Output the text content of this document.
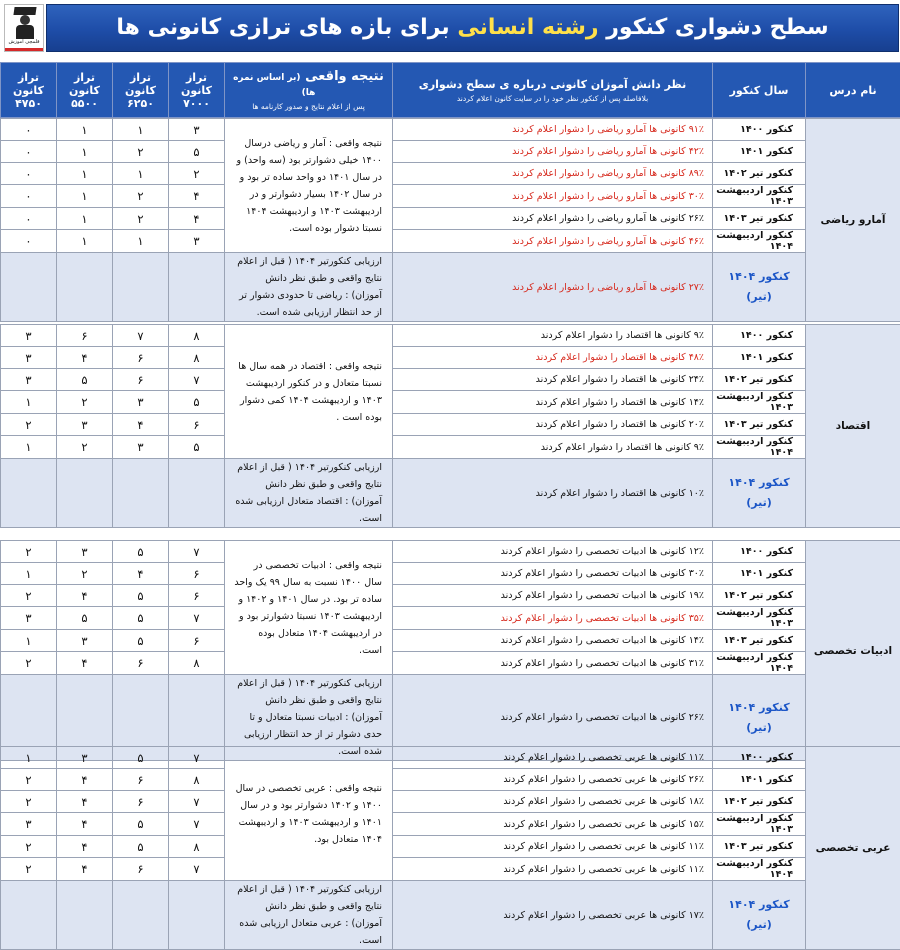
قلمچی آموزش
سطح دشواری کنکور رشته انسانی برای بازه های ترازی کانونی ها
تراز کانون ۴۷۵۰

تراز کانون ۵۵۰۰

تراز کانون ۶۲۵۰

تراز کانون ۷۰۰۰

نتیجه واقعی (بر اساس نمره ها)
پس از اعلام نتایج و صدور کارنامه ها

نظر دانش آموزان کانونی درباره ی سطح دشواری
بلافاصله پس از کنکور نظر خود را در سایت کانون اعلام کردند

سال کنکور	نام درس
۰	۱	۱	۳	نتیجه واقعی : آمار و ریاضی درسال ۱۴۰۰ خیلی دشوارتر بود (سه واحد) و در سال ۱۴۰۱ دو واحد ساده تر بود و در سال ۱۴۰۲ بسیار دشوارتر و در اردیبهشت ۱۴۰۳ و اردیبهشت ۱۴۰۴ نسبتا دشوار بوده است.	۹۱٪ کانونی ها آمارو ریاضی را دشوار اعلام کردند	کنکور ۱۴۰۰	آمارو ریاضی
۰	۱	۲	۵		۴۲٪ کانونی ها آمارو ریاضی را دشوار اعلام کردند	کنکور ۱۴۰۱	
۰	۱	۱	۲		۸۹٪ کانونی ها آمارو ریاضی را دشوار اعلام کردند	کنکور تیر ۱۴۰۲	
۰	۱	۲	۴		۳۰٪ کانونی ها آمارو ریاضی را دشوار اعلام کردند	کنکور اردیبهشت ۱۴۰۳	
۰	۱	۲	۴		۲۶٪ کانونی ها آمارو ریاضی را دشوار اعلام کردند	کنکور تیر ۱۴۰۳	
۰	۱	۱	۳		۴۶٪ کانونی ها آمارو ریاضی را دشوار اعلام کردند	کنکور اردیبهشت ۱۴۰۴	
				ارزیابی کنکورتیر ۱۴۰۴ ( قبل از اعلام نتایج واقعی و طبق نظر دانش آموزان) : ریاضی تا حدودی دشوار تر از حد انتظار ارزیابی شده است.	۲۷٪ کانونی ها آمارو ریاضی را دشوار اعلام کردند	کنکور ۱۴۰۴
(تیر)	
۳	۶	۷	۸	نتیجه واقعی : اقتصاد در همه سال ها نسبتا متعادل و در کنکور اردیبهشت ۱۴۰۳ و اردیبهشت ۱۴۰۴ کمی دشوار بوده است .	۹٪ کانونی ها اقتصاد را دشوار اعلام کردند	کنکور ۱۴۰۰	اقتصاد
۳	۴	۶	۸		۴۸٪ کانونی ها اقتصاد را دشوار اعلام کردند	کنکور ۱۴۰۱	
۳	۵	۶	۷		۲۴٪ کانونی ها اقتصاد را دشوار اعلام کردند	کنکور تیر ۱۴۰۲	
۱	۲	۳	۵		۱۴٪ کانونی ها اقتصاد را دشوار اعلام کردند	کنکور اردیبهشت ۱۴۰۳	
۲	۳	۴	۶		۲۰٪ کانونی ها اقتصاد را دشوار اعلام کردند	کنکور تیر ۱۴۰۳	
۱	۲	۳	۵		۹٪ کانونی ها اقتصاد را دشوار اعلام کردند	کنکور اردیبهشت ۱۴۰۴	
				ارزیابی کنکورتیر ۱۴۰۴ ( قبل از اعلام نتایج واقعی و طبق نظر دانش آموزان) : اقتصاد متعادل ارزیابی شده است.	۱۰٪ کانونی ها اقتصاد را دشوار اعلام کردند	کنکور ۱۴۰۴
(تیر)	
۲	۳	۵	۷	نتیجه واقعی : ادبیات تخصصی در سال ۱۴۰۰ نسبت به سال ۹۹ یک واحد ساده تر بود. در سال ۱۴۰۱ و ۱۴۰۲ و اردیبهشت ۱۴۰۳ نسبتا دشوارتر بود و در اردیبهشت ۱۴۰۴ متعادل بوده است.	۱۲٪ کانونی ها ادبیات تخصصی را دشوار اعلام کردند	کنکور ۱۴۰۰	ادبیات تخصصی
۱	۲	۴	۶		۳۰٪ کانونی ها ادبیات تخصصی را دشوار اعلام کردند	کنکور ۱۴۰۱	
۲	۴	۵	۶		۱۹٪ کانونی ها ادبیات تخصصی را دشوار اعلام کردند	کنکور تیر ۱۴۰۲	
۳	۵	۵	۷		۳۵٪ کانونی ها ادبیات تخصصی را دشوار اعلام کردند	کنکور اردیبهشت ۱۴۰۳	
۱	۳	۵	۶		۱۴٪ کانونی ها ادبیات تخصصی را دشوار اعلام کردند	کنکور تیر ۱۴۰۳	
۲	۴	۶	۸		۳۱٪ کانونی ها ادبیات تخصصی را دشوار اعلام کردند	کنکور اردیبهشت ۱۴۰۴	
				ارزیابی کنکورتیر ۱۴۰۴ ( قبل از اعلام نتایج واقعی و طبق نظر دانش آموزان) : ادبیات نسبتا متعادل و تا حدی دشوار تر از حد انتظار ارزیابی شده است.	۲۶٪ کانونی ها ادبیات تخصصی را دشوار اعلام کردند	کنکور ۱۴۰۴
(تیر)	
۱	۳	۵	۷	نتیجه واقعی : عربی تخصصی در سال ۱۴۰۰ و ۱۴۰۲ دشوارتر بود و در سال ۱۴۰۱ و اردیبهشت ۱۴۰۳ و اردیبهشت ۱۴۰۴ متعادل بود.	۱۱٪ کانونی ها عربی تخصصی را دشوار اعلام کردند	کنکور ۱۴۰۰	عربی تخصصی
۲	۴	۶	۸		۲۶٪ کانونی ها عربی تخصصی را دشوار اعلام کردند	کنکور ۱۴۰۱	
۲	۴	۶	۷		۱۸٪ کانونی ها عربی تخصصی را دشوار اعلام کردند	کنکور تیر ۱۴۰۲	
۳	۴	۵	۷		۱۵٪ کانونی ها عربی تخصصی را دشوار اعلام کردند	کنکور اردیبهشت ۱۴۰۳	
۲	۴	۵	۸		۱۱٪ کانونی ها عربی تخصصی را دشوار اعلام کردند	کنکور تیر ۱۴۰۳	
۲	۴	۶	۷		۱۱٪ کانونی ها عربی تخصصی را دشوار اعلام کردند	کنکور اردیبهشت ۱۴۰۴	
				ارزیابی کنکورتیر ۱۴۰۴ ( قبل از اعلام نتایج واقعی و طبق نظر دانش آموزان) : عربی متعادل ارزیابی شده است.	۱۷٪ کانونی ها عربی تخصصی را دشوار اعلام کردند	کنکور ۱۴۰۴
(تیر)	
